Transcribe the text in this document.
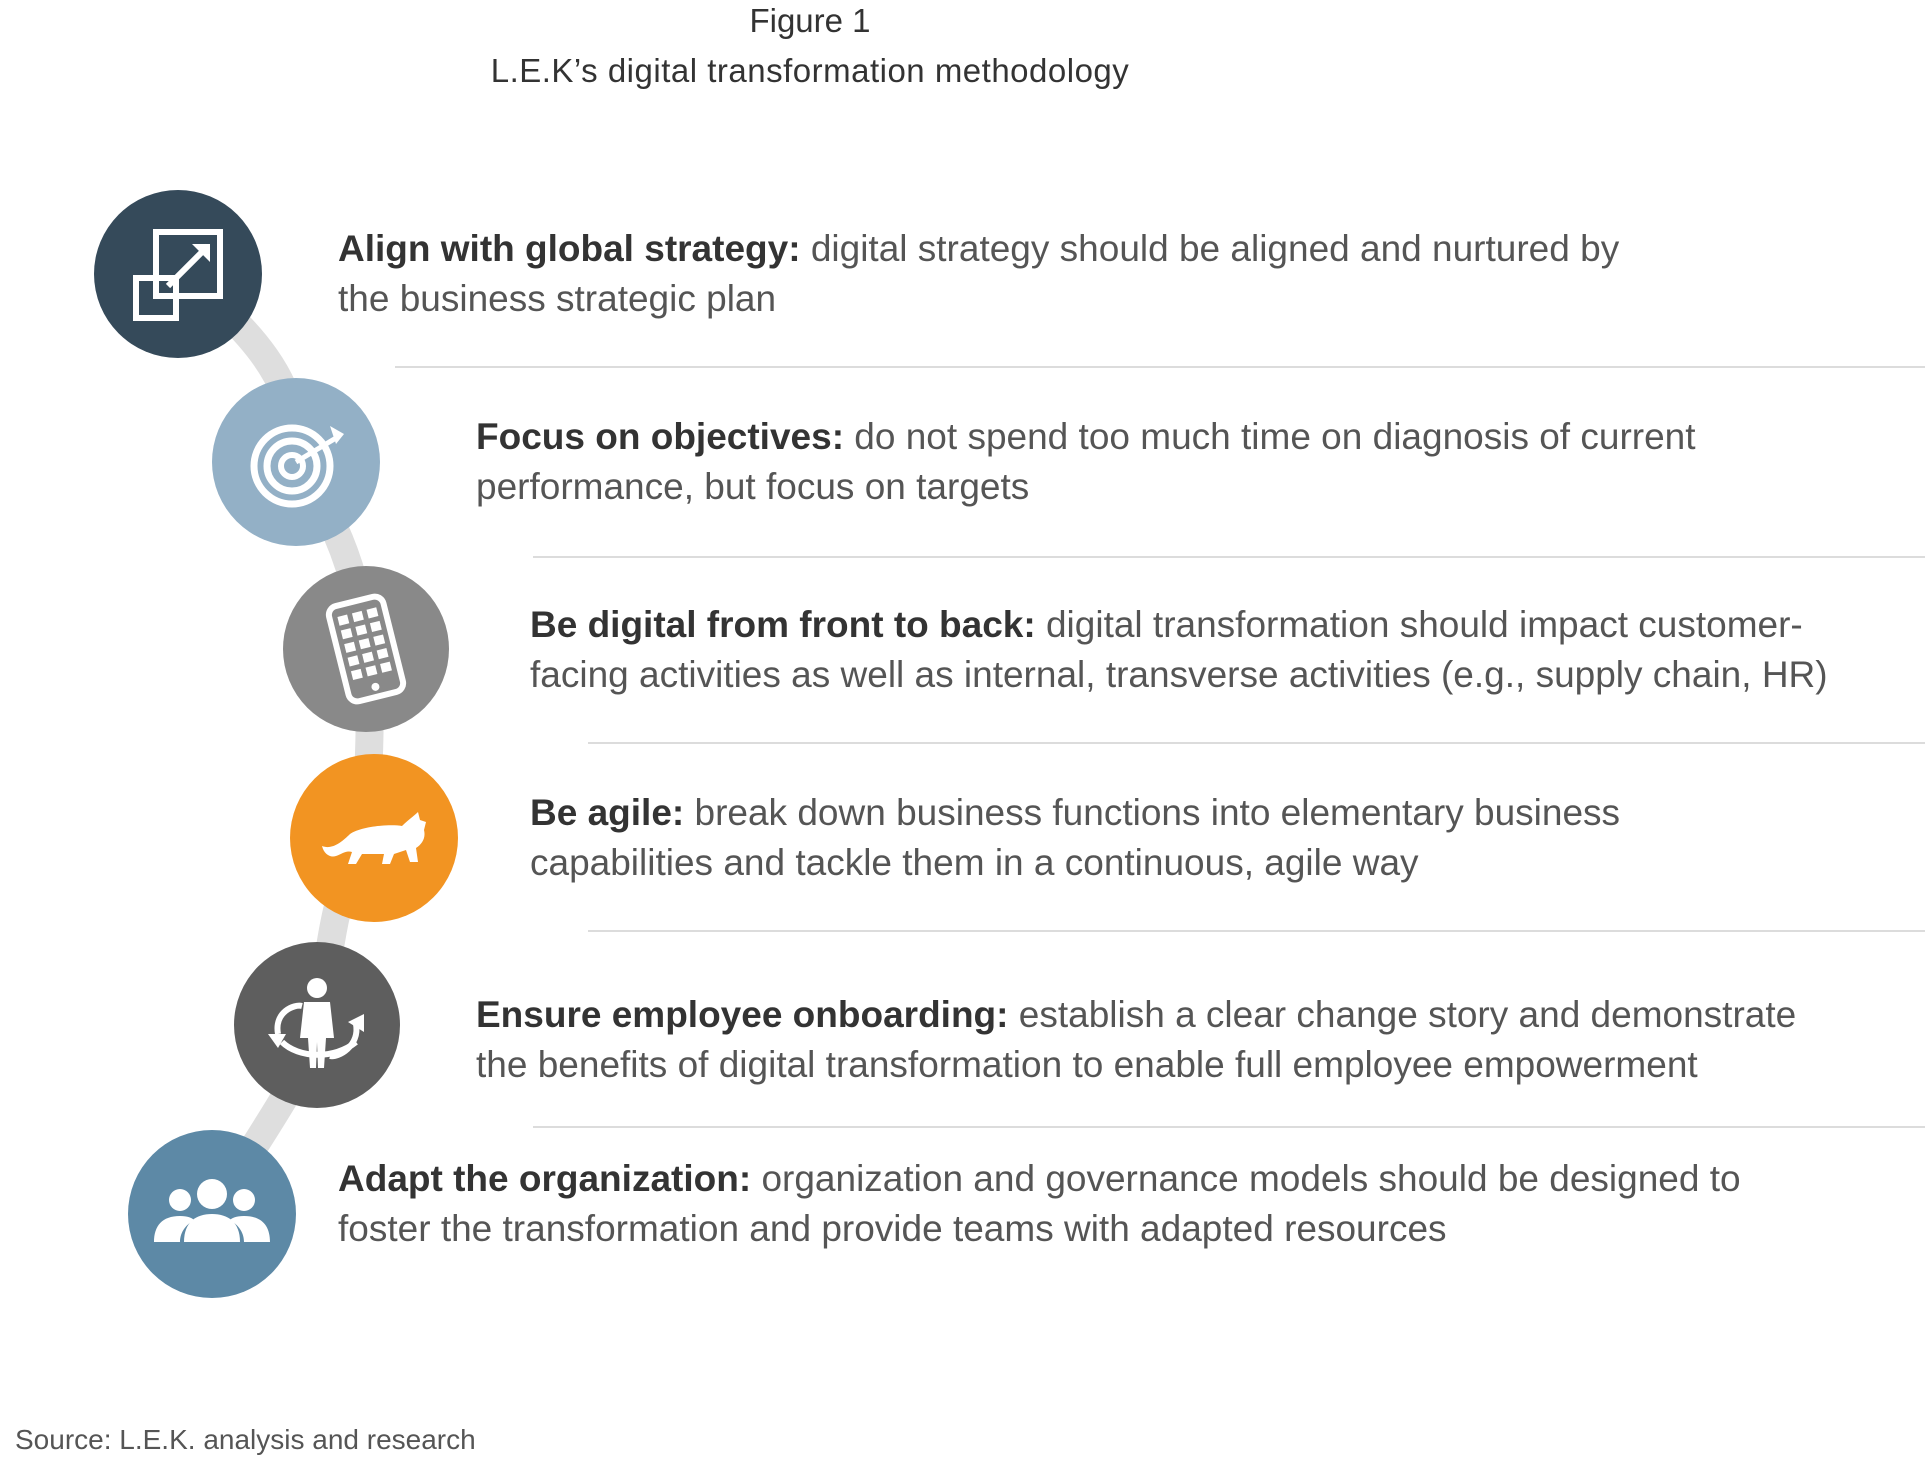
Figure 1
L.E.K’s digital transformation methodology
Align with global strategy: digital strategy should be aligned and nurtured by
the business strategic plan
Focus on objectives: do not spend too much time on diagnosis of current
performance, but focus on targets
Be digital from front to back: digital transformation should impact customer-
facing activities as well as internal, transverse activities (e.g., supply chain, HR)
Be agile: break down business functions into elementary business
capabilities and tackle them in a continuous, agile way
Ensure employee onboarding: establish a clear change story and demonstrate
the benefits of digital transformation to enable full employee empowerment
Adapt the organization: organization and governance models should be designed to
foster the transformation and provide teams with adapted resources
Source: L.E.K. analysis and research
